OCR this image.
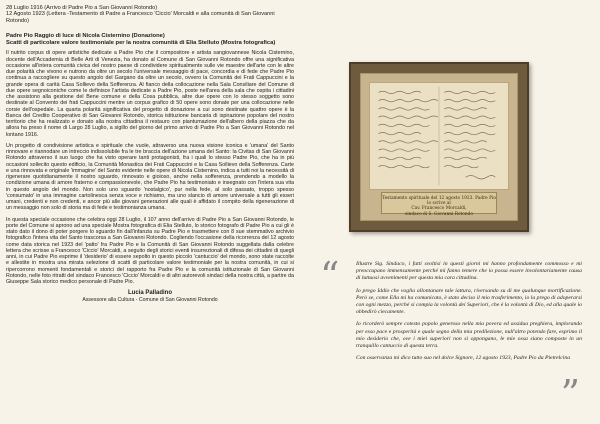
28 Luglio 1916 (Arrivo di Padre Pio a San Giovanni Rotondo)

12 Agosto 1923 (Lettera -Testamento di Padre a Francesco 'Ciccio' Morcaldi e alla comunità di San Giovanni

Rotondo)

Padre Pio Raggio di luce di Nicola Cisternino (Donazione)

Scatti di particolare valore testimoniale per la nostra comunità di Elia Stelluto (Mostra fotografica)

Il nutrito corpus di opere artistiche dedicate a Padre Pio che il compositore e artista sangiovannese Nicola Cisternino, docente dell'Accademia di Belle Arti di Venezia, ha donato al Comune di San Giovanni Rotondo offre una significativa occasione all'intera comunità civica del nostro paese di condividere spiritualmente sulle vie maestre dell'arte con le altre due polarità che vivono e nutrono da oltre un secolo l'universale messaggio di pace, concordia e di fede che Padre Pio continua a raccogliere su questo angolo del Gargano da oltre un secolo, ovvero la Comunità dei Frati Cappuccini e la grande opera di carità Casa Sollievo della Sofferenza. Al fianco della collocazione nella Sala Consiliare del Comune di due opere segnoiconiche come le definisce l'artista dedicate a Padre Pio, poste nell'area della sala che ospita i cittadini che assistono alla gestione del Bene comune e della Cosa pubblica, altre due opere con lo stesso soggetto sono destinate al Convento dei frati Cappuccini mentre un corpus grafico di 50 opere sono donate per una collocazione nelle corsie dell'ospedale. La quarta polarità significativa del progetto di donazione a cui sono destinate quattro opere è la Banca del Credito Cooperativo di San Giovanni Rotondo, storica istituzione bancaria di ispirazione popolare del nostro territorio che ha realizzato e donato alla nostra cittadina il restauro con piantumazione dell'albero della piazza che da allora ha preso il nome di Largo 28 Luglio, a sigillo del giorno del primo arrivo di Padre Pio a San Giovanni Rotondo nel lontano 1916.

Un progetto di condivisione artistica e spirituale che vuole, attraverso una nuova visione iconica e 'umana' del Santo rinnovare e riannodare un intreccio indissolubile fra le tre braccia dell'azione umana del Santo: la Civitas di San Giovanni Rotondo attraverso il suo luogo che ha visto operare tanti protagonisti, fra i quali lo stesso Padre Pio, che ha in più occasioni sollecito questo edificio, la Comunità Monastica dei Frati Cappuccini e la Casa Sollievo della Sofferenza. Carte e una rinnovata e originale 'immagine' del Santo evidente nelle opere di Nicola Cisternino, indica a tutti noi la necessità di rigenerare quotidianamente il nostro sguardo, rinnovato e gioioso, anche nella sofferenza, prendendo a modello la condizione umana di amore fraterno e compassionevole, che Padre Pio ha testimoniato e insegnato con l'intera sua vita in questo angolo del mondo. Non solo uno sguardo 'nostalgico', pur nella fede, al solo passato, troppo spesso 'consumato' in una immagine cartolinesca senza voce e richiamo, ma uno slancio di amore universale a tutti gli esseri umani, credenti e non credenti, e ancor più alle giovani generazioni alle quali è affidato il compito della rigenerazione di un messaggio non solo di storia ma di fede e testimonianza umana.

In questa speciale occasione che celebra oggi 28 Luglio, il 107 anno dell'arrivo di Padre Pio a San Giovanni Rotondo, le porte del Comune si aprono ad una speciale Mostra fotografica di Elia Stelluto, lo storico fotografo di Padre Pio a cui gli è stato dato il dono di poter porgere lo sguardo fin dall'infanzia su Padre Pio e trasmettere con 8 sue stemmativo archivio fotografico l'intera vita del Santo trascorsa a San Giovanni Rotondo. Cogliendo l'occasione della ricorrenza del 12 agosto come data storica nel 1923 del 'patto' fra Padre Pio e la Comunità di San Giovanni Rotondo suggellata dalla celebre lettera che scrisse a Francesco 'Ciccio' Morcaldi, a seguito degli storici eventi insurrezionali di difesa dei cittadini di quegli anni, in cui Padre Pio esprime il 'desiderio' di essere sepolto in questo piccolo 'cantuccio' del mondo, sono state raccolte e allestite in mostra una mirata selezione di scatti di particolare valore testimoniale per la nostra comunità, in cui si ripercorrono momenti fondamentali e storici del rapporto fra Padre Pio e la comunità istituzionale di San Giovanni Rotondo, nelle foto ritratti del sindaco Francesco 'Ciccio' Morcaldi e di altri autorevoli sindaci della nostra città, a partire da Giuseppe Sala storico medico personale di Padre Pio.

Lucia Palladino
Assessore alla Cultura - Comune di San Giovanni Rotondo
Testamento spirituale del 12 agosto 1923. Padre Pio lo scrive al
Cav. Francesco Morcaldi,
sindaco di S. Giovanni Rotondo
“	Illustre Sig. Sindaco, i fatti svoltisi in questi giorni mi hanno profondamente commosso e mi preoccupano immensamente perché mi fanno temere che io possa essere involontariamente causa di luttuosi avvenimenti per questa mia cara cittadina.

Io prego Iddio che voglia allontanare tale iattura, riversando su di me qualunque mortificazione. Però se, come Ella mi ha comunicato, è stato deciso il mio trasferimento, io la prego di adoperarsi con ogni mezzo, perché si compia la volontà dei Superiori, che è la volontà di Dio, ed alla quale io obbedirò ciecamente.

Io ricorderò sempre cotesto popolo generoso nella mia povera ed assidua preghiera, implorando per esso pace e prosperità e quale segno della mia predilezione, null'altro potendo fare, esprimo il mio desiderio che, ove i miei superiori non si oppongano, le mie ossa siano composte in un tranquillo cantuccio di questa terra.

Con osservanza mi dico tutto suo nel dolce Signore, 12 agosto 1923, Padre Pio da Pietrelcina

”
